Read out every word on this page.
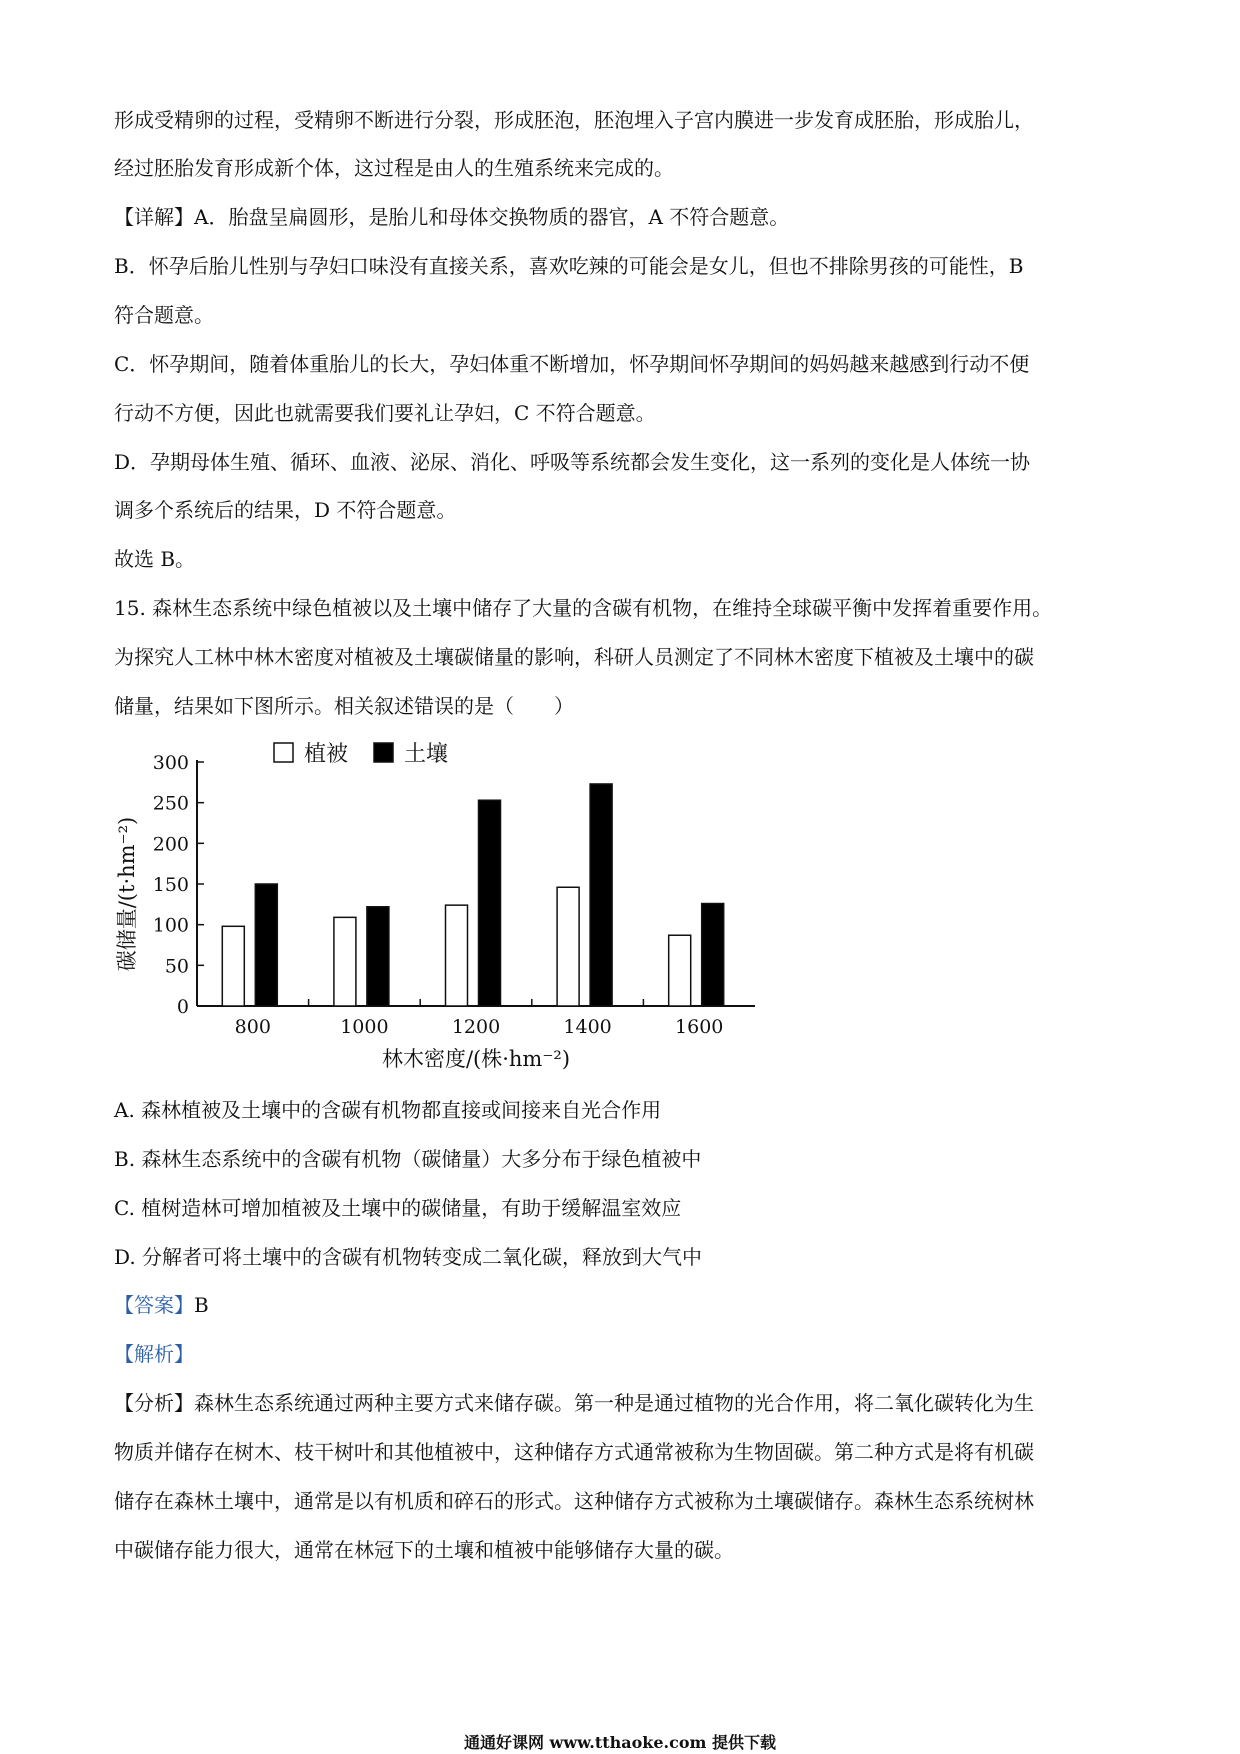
形成受精卵的过程，受精卵不断进行分裂，形成胚泡，胚泡埋入子宫内膜进一步发育成胚胎，形成胎儿，
经过胚胎发育形成新个体，这过程是由人的生殖系统来完成的。
【详解】A．胎盘呈扁圆形，是胎儿和母体交换物质的器官，A 不符合题意。
B．怀孕后胎儿性别与孕妇口味没有直接关系，喜欢吃辣的可能会是女儿，但也不排除男孩的可能性，B
符合题意。
C．怀孕期间，随着体重胎儿的长大，孕妇体重不断增加，怀孕期间怀孕期间的妈妈越来越感到行动不便
行动不方便，因此也就需要我们要礼让孕妇，C 不符合题意。
D．孕期母体生殖、循环、血液、泌尿、消化、呼吸等系统都会发生变化，这一系列的变化是人体统一协
调多个系统后的结果，D 不符合题意。
故选 B。
15. 森林生态系统中绿色植被以及土壤中储存了大量的含碳有机物，在维持全球碳平衡中发挥着重要作用。
为探究人工林中林木密度对植被及土壤碳储量的影响，科研人员测定了不同林木密度下植被及土壤中的碳
储量，结果如下图所示。相关叙述错误的是（　　）
0
50
100
150
200
250
300
800	1000	1200	1400	1600
植被	土壤
林木密度/(株·hm⁻²)
碳储量/(t·hm⁻²)
A. 森林植被及土壤中的含碳有机物都直接或间接来自光合作用
B. 森林生态系统中的含碳有机物（碳储量）大多分布于绿色植被中
C. 植树造林可增加植被及土壤中的碳储量，有助于缓解温室效应
D. 分解者可将土壤中的含碳有机物转变成二氧化碳，释放到大气中
【答案】B
【解析】
【分析】森林生态系统通过两种主要方式来储存碳。第一种是通过植物的光合作用，将二氧化碳转化为生
物质并储存在树木、枝干树叶和其他植被中，这种储存方式通常被称为生物固碳。第二种方式是将有机碳
储存在森林土壤中，通常是以有机质和碎石的形式。这种储存方式被称为土壤碳储存。森林生态系统树林
中碳储存能力很大，通常在林冠下的土壤和植被中能够储存大量的碳。
通通好课网 www.tthaoke.com 提供下载
